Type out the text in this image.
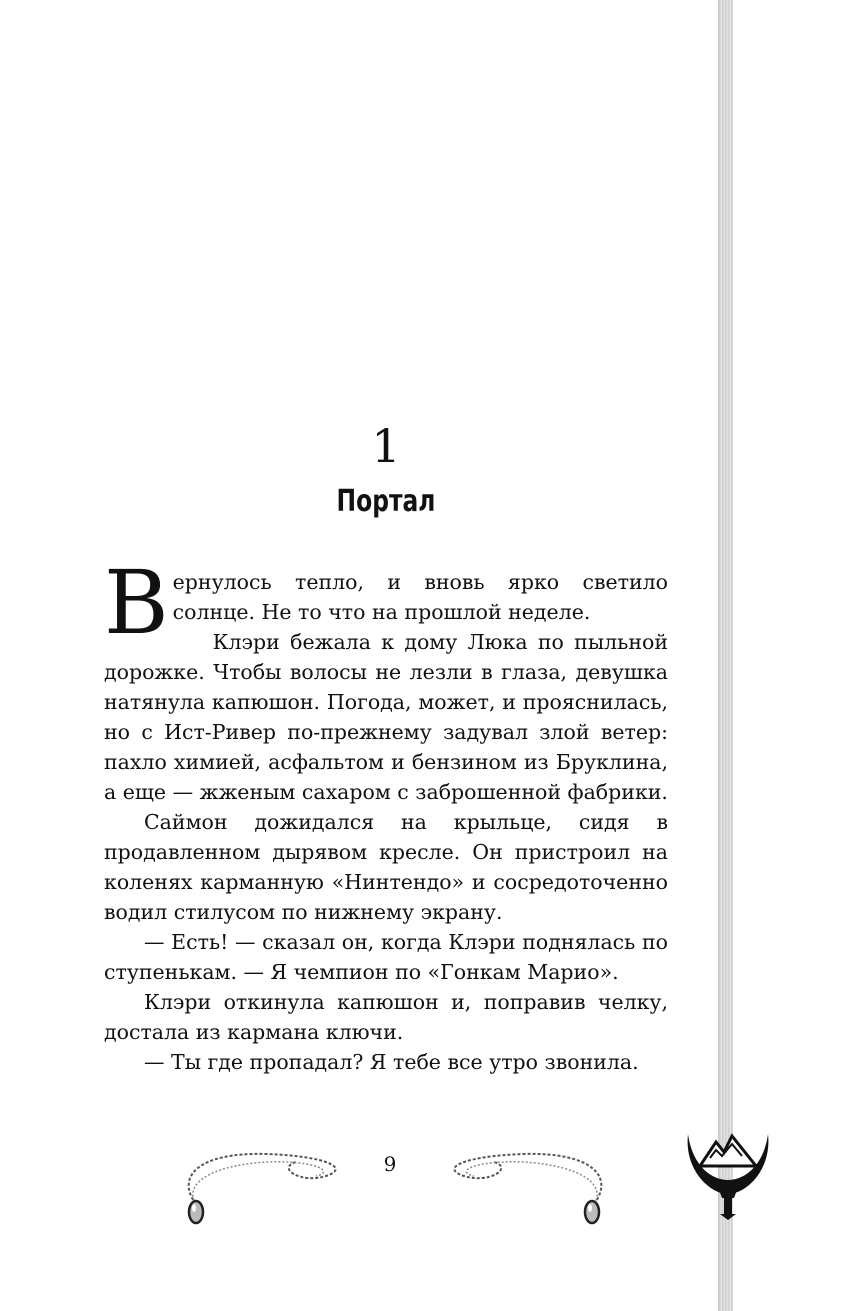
1
Портал

Вернулось тепло, и вновь ярко светило солнце. Не то что на прошлой неделе.

Клэри бежала к дому Люка по пыльной дорожке. Чтобы волосы не лезли в глаза, девушка натянула капюшон. Погода, может, и прояснилась, но с Ист-Ривер по-прежнему задувал злой ветер: пахло химией, асфальтом и бензином из Бруклина, а еще — жженым сахаром с заброшенной фабрики.

Саймон дожидался на крыльце, сидя в продавленном дырявом кресле. Он пристроил на коленях карманную «Нинтендо» и сосредоточенно водил стилусом по нижнему экрану.

— Есть! — сказал он, когда Клэри поднялась по ступенькам. — Я чемпион по «Гонкам Марио».

Клэри откинула капюшон и, поправив челку, достала из кармана ключи.

— Ты где пропадал? Я тебе все утро звонила.

9
